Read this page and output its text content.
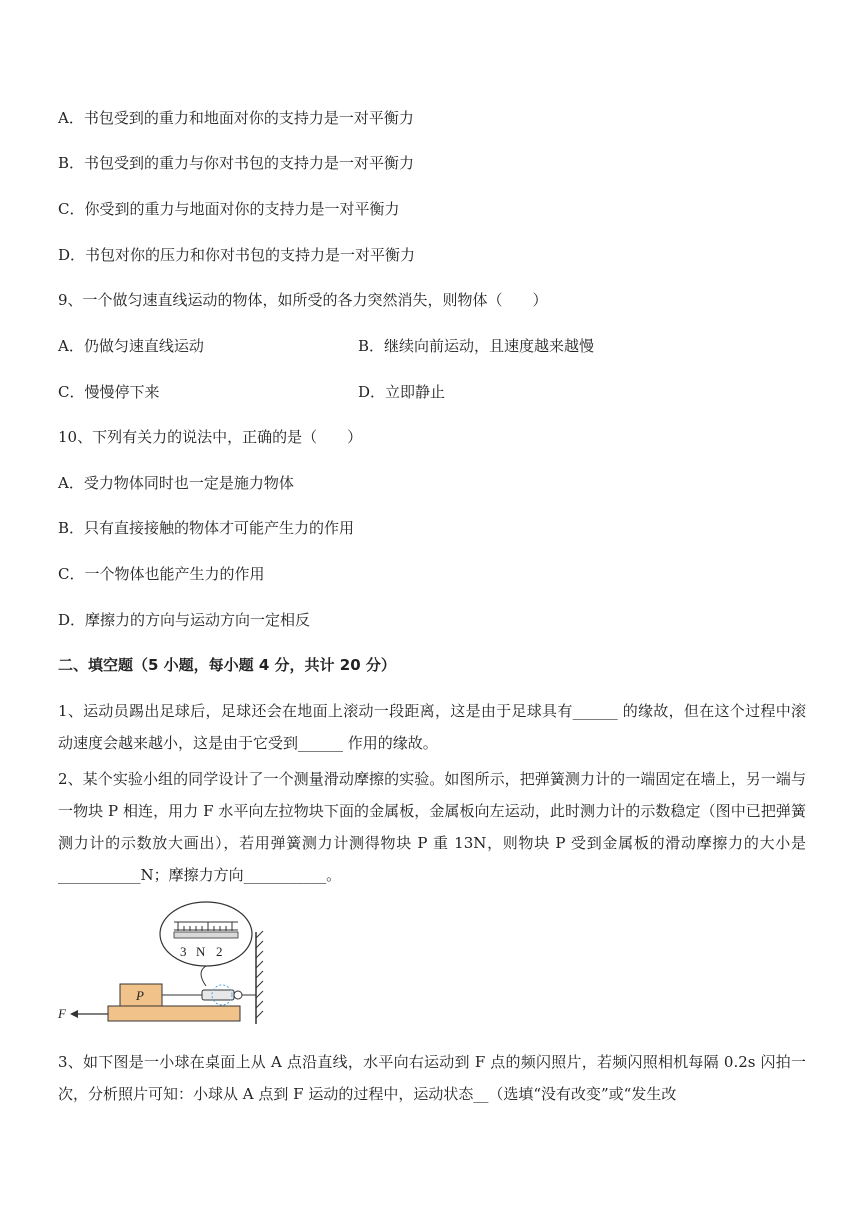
A．书包受到的重力和地面对你的支持力是一对平衡力
B．书包受到的重力与你对书包的支持力是一对平衡力
C．你受到的重力与地面对你的支持力是一对平衡力
D．书包对你的压力和你对书包的支持力是一对平衡力
9、一个做匀速直线运动的物体，如所受的各力突然消失，则物体（　　）
A．仍做匀速直线运动	B．继续向前运动，且速度越来越慢
C．慢慢停下来	D．立即静止
10、下列有关力的说法中，正确的是（　　）
A．受力物体同时也一定是施力物体
B．只有直接接触的物体才可能产生力的作用
C．一个物体也能产生力的作用
D．摩擦力的方向与运动方向一定相反
二、填空题（5 小题，每小题 4 分，共计 20 分）
1、运动员踢出足球后，足球还会在地面上滚动一段距离，这是由于足球具有______ 的缘故，但在这个过程中滚动速度会越来越小，这是由于它受到______ 作用的缘故。
2、某个实验小组的同学设计了一个测量滑动摩擦的实验。如图所示，把弹簧测力计的一端固定在墙上，另一端与一物块 P 相连，用力 F 水平向左拉物块下面的金属板，金属板向左运动，此时测力计的示数稳定（图中已把弹簧测力计的示数放大画出），若用弹簧测力计测得物块 P 重 13N，则物块 P 受到金属板的滑动摩擦力的大小是___________N；摩擦力方向___________。
3 N 2
P
F
3、如下图是一小球在桌面上从 A 点沿直线，水平向右运动到 F 点的频闪照片，若频闪照相机每隔 0.2s 闪拍一次，分析照片可知：小球从 A 点到 F 运动的过程中，运动状态__（选填“没有改变”或“发生改
